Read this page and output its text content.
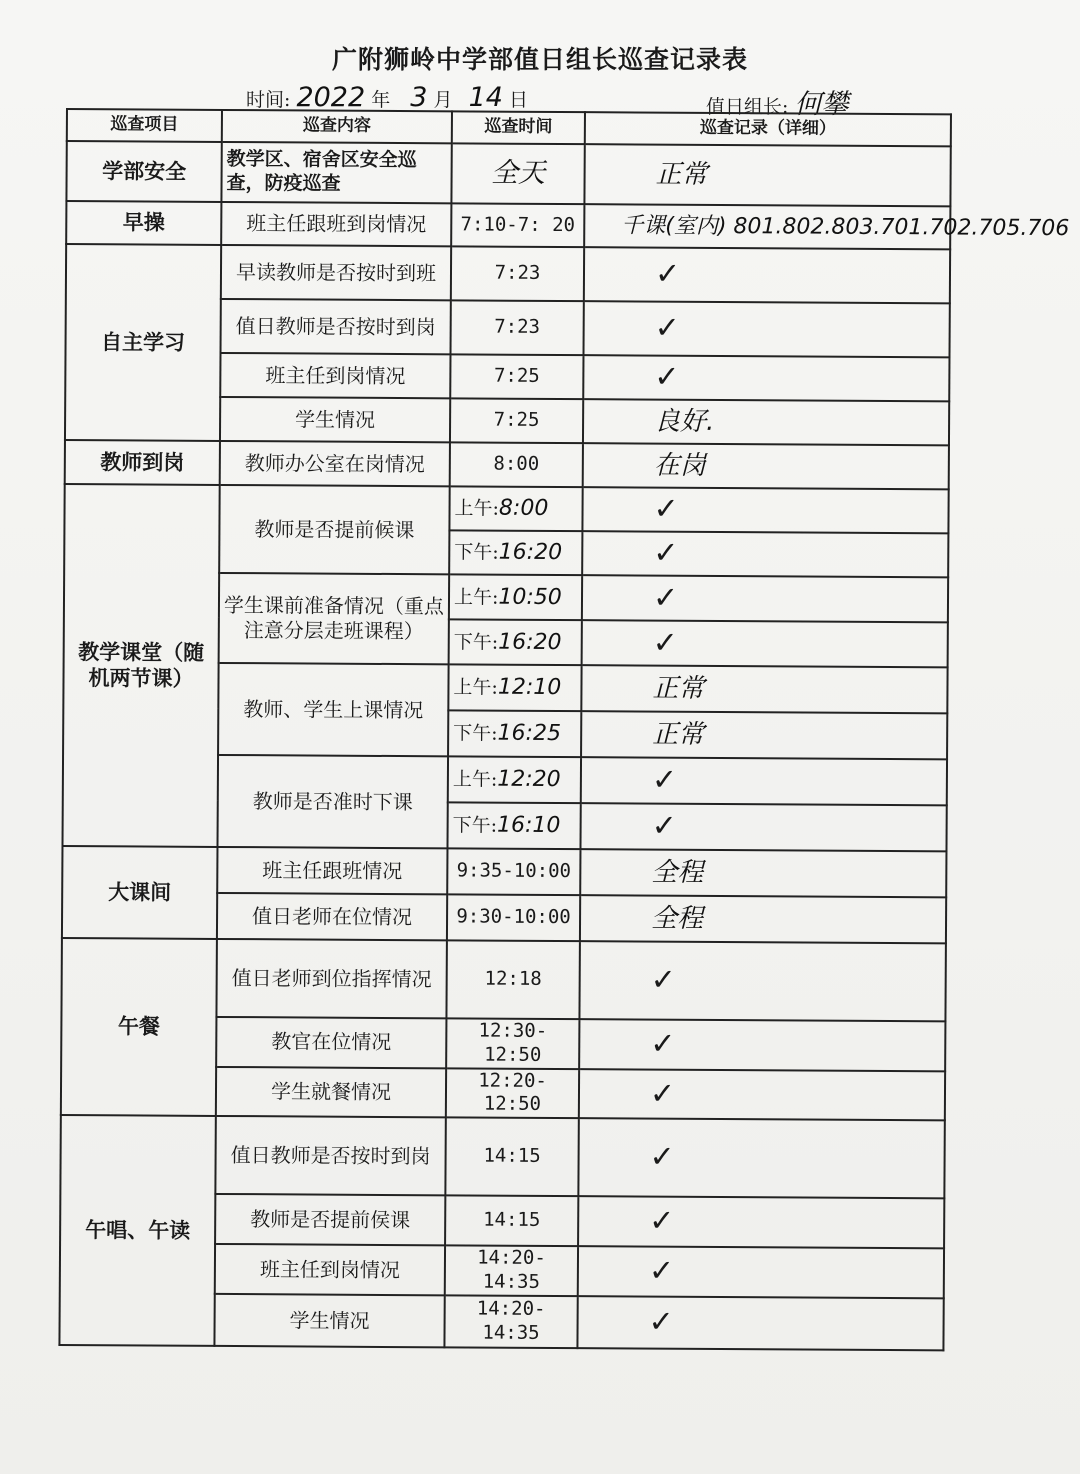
广附狮岭中学部值日组长巡查记录表
时间: 2022 年 3 月 14 日	值日组长: 何攀
巡查项目	巡查内容	巡查时间	巡查记录（详细）
学部安全	教学区、宿舍区安全巡查，防疫巡查	全天	正常
早操	班主任跟班到岗情况	7:10-7: 20	千课(室内) 801.802.803.701.702.705.706
自主学习	早读教师是否按时到班	7:23	✓
	值日教师是否按时到岗	7:23	✓
	班主任到岗情况	7:25	✓
	学生情况	7:25	良好.
教师到岗	教师办公室在岗情况	8:00	在岗
教学课堂（随机两节课）	教师是否提前候课	上午:8:00	✓
		下午:16:20	✓
	学生课前准备情况（重点注意分层走班课程）	上午:10:50	✓
		下午:16:20	✓
	教师、学生上课情况	上午:12:10	正常
		下午:16:25	正常
	教师是否准时下课	上午:12:20	✓
		下午:16:10	✓
大课间	班主任跟班情况	9:35-10:00	全程
	值日老师在位情况	9:30-10:00	全程
午餐	值日老师到位指挥情况	12:18	✓
	教官在位情况	12:30-12:50	✓
	学生就餐情况	12:20-12:50	✓
午唱、午读	值日教师是否按时到岗	14:15	✓
	教师是否提前侯课	14:15	✓
	班主任到岗情况	14:20-14:35	✓
	学生情况	14:20-14:35	✓
